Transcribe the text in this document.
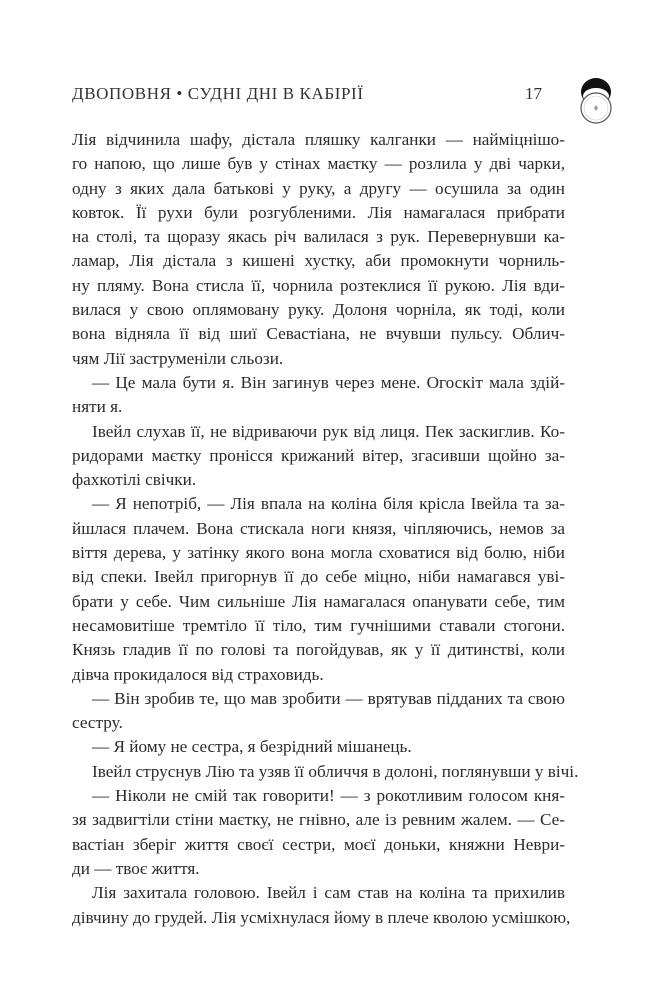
ДВОПОВНЯ • СУДНІ ДНІ В КАБІРІЇ	17
Лія відчинила шафу, дістала пляшку калганки — найміцнішо-
го напою, що лише був у стінах маєтку — розлила у дві чарки,
одну з яких дала батькові у руку, а другу — осушила за один
ковток. Її рухи були розгубленими. Лія намагалася прибрати
на столі, та щоразу якась річ валилася з рук. Перевернувши ка-
ламар, Лія дістала з кишені хустку, аби промокнути чорниль-
ну пляму. Вона стисла її, чорнила розтеклися її рукою. Лія вди-
вилася у свою оплямовану руку. Долоня чорніла, як тоді, коли
вона відняла її від шиї Севастіана, не вчувши пульсу. Облич-
чям Лії заструменіли сльози.
— Це мала бути я. Він загинув через мене. Огоскіт мала здій-
няти я.
Івейл слухав її, не відриваючи рук від лиця. Пек заскиглив. Ко-
ридорами маєтку пронісся крижаний вітер, згасивши щойно за-
фахкотілі свічки.
— Я непотріб, — Лія впала на коліна біля крісла Івейла та за-
йшлася плачем. Вона стискала ноги князя, чіпляючись, немов за
віття дерева, у затінку якого вона могла сховатися від болю, ніби
від спеки. Івейл пригорнув її до себе міцно, ніби намагався уві-
брати у себе. Чим сильніше Лія намагалася опанувати себе, тим
несамовитіше тремтіло її тіло, тим гучнішими ставали стогони.
Князь гладив її по голові та погойдував, як у її дитинстві, коли
дівча прокидалося від страховидь.
— Він зробив те, що мав зробити — врятував підданих та свою
сестру.
— Я йому не сестра, я безрідний мішанець.
Івейл струснув Лію та узяв її обличчя в долоні, поглянувши у вічі.
— Ніколи не смій так говорити! — з рокотливим голосом кня-
зя задвигтіли стіни маєтку, не гнівно, але із ревним жалем. — Се-
вастіан зберіг життя своєї сестри, моєї доньки, княжни Неври-
ди — твоє життя.
Лія захитала головою. Івейл і сам став на коліна та прихилив
дівчину до грудей. Лія усміхнулася йому в плече кволою усмішкою,
